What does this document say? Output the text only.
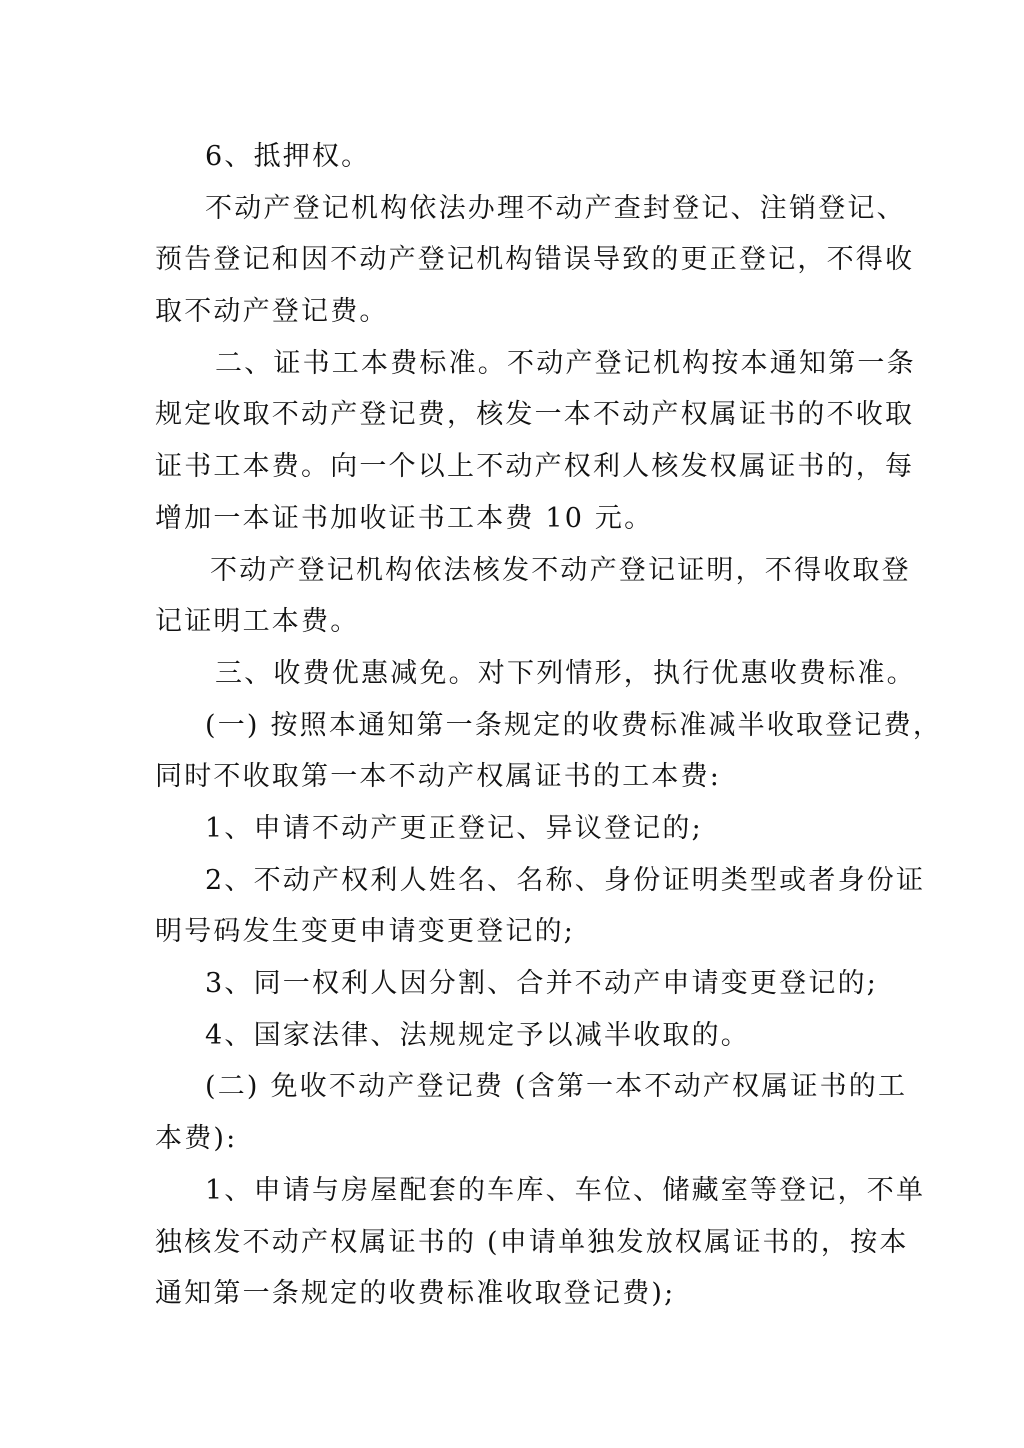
6、抵押权。
不动产登记机构依法办理不动产查封登记、注销登记、
预告登记和因不动产登记机构错误导致的更正登记，不得收
取不动产登记费。
二、证书工本费标准。不动产登记机构按本通知第一条
规定收取不动产登记费，核发一本不动产权属证书的不收取
证书工本费。向一个以上不动产权利人核发权属证书的，每
增加一本证书加收证书工本费 10 元。
不动产登记机构依法核发不动产登记证明，不得收取登
记证明工本费。
三、收费优惠减免。对下列情形，执行优惠收费标准。
(一) 按照本通知第一条规定的收费标准减半收取登记费，
同时不收取第一本不动产权属证书的工本费:
1、申请不动产更正登记、异议登记的;
2、不动产权利人姓名、名称、身份证明类型或者身份证
明号码发生变更申请变更登记的;
3、同一权利人因分割、合并不动产申请变更登记的;
4、国家法律、法规规定予以减半收取的。
(二) 免收不动产登记费 (含第一本不动产权属证书的工
本费):
1、申请与房屋配套的车库、车位、储藏室等登记，不单
独核发不动产权属证书的 (申请单独发放权属证书的，按本
通知第一条规定的收费标准收取登记费);
